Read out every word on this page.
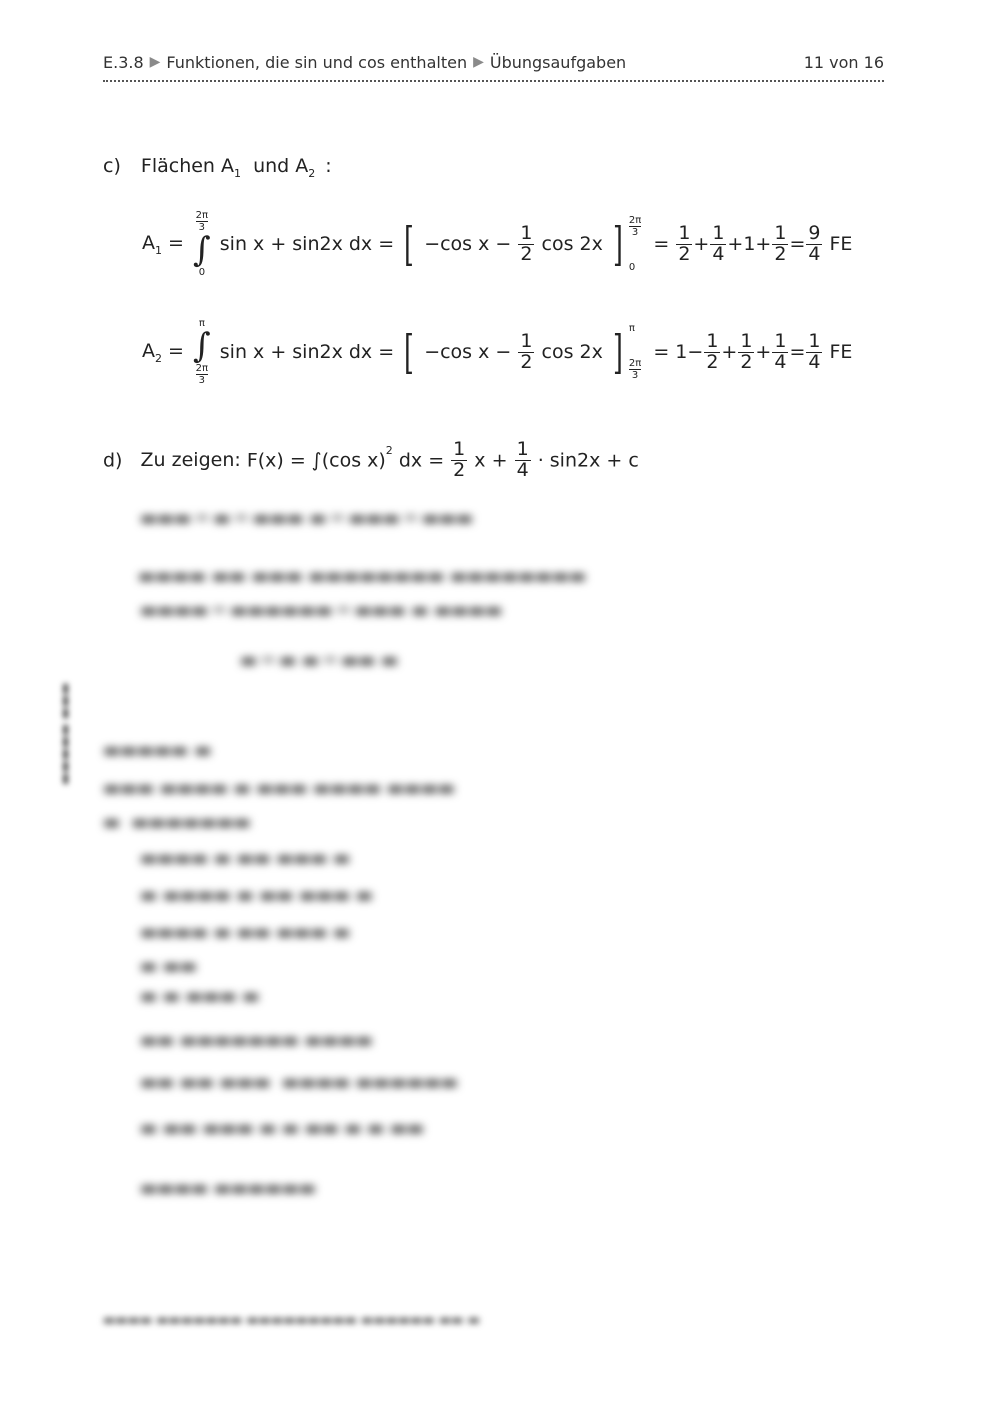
E.3.8 ▶ Funktionen, die sin und cos enthalten ▶ Übungsaufgaben	11 von 16
c) Flächen $A_1$ und $A_2$ :
$A_1$ =
2π
3
∫
0
sin x + sin2x dx = [ −cos $x - \frac{1}{2}$ cos 2x ] 2π
3
0
= $\frac{1}{2} + \frac{1}{4} +1+ \frac{1}{2} = \frac{9}{4}$ FE
$A_2$ =
π
∫
2π
3
sin x + sin2x dx = [ −cos $x - \frac{1}{2}$ cos 2x ] π
2π
3
= $1- \frac{1}{2} + \frac{1}{2} + \frac{1}{4} = \frac{1}{4}$ FE
d) Zu zeigen: F(x) = ∫(cos x)$^2$ dx = $\frac{1}{2}$ $x + \frac{1}{4} \cdot \sin 2x + c$
▬▬▬ ═ ▬ ═ ▬▬▬ ▬ ═ ▬▬▬ ═ ▬▬▬
▬▬▬▬ ▬▬ ▬▬▬ ▬▬▬▬▬▬▬▬ ▬▬▬▬▬▬▬▬
▬▬▬▬ ═ ▬▬▬▬▬▬ ═ ▬▬▬ ▬ ▬▬▬▬
▬ ═ ▬ ▬ ═ ▬▬ ▬
▬▬▬▬▬ ▬
▬▬▬ ▬▬▬▬ ▬ ▬▬▬ ▬▬▬▬ ▬▬▬▬
▬  ▬▬▬▬▬▬▬
▬▬▬▬ ▬ ▬▬ ▬▬▬ ▬
▬ ▬▬▬▬ ▬ ▬▬ ▬▬▬ ▬
▬▬▬▬ ▬ ▬▬ ▬▬▬ ▬
▬ ▬▬
▬ ▬ ▬▬▬ ▬
▬▬ ▬▬▬▬▬▬▬ ▬▬▬▬
▬▬ ▬▬ ▬▬▬  ▬▬▬▬ ▬▬▬▬▬▬
▬ ▬▬ ▬▬▬ ▬ ▬ ▬▬ ▬ ▬ ▬▬
▬▬▬▬ ▬▬▬▬▬▬
▬▬▬▬▬ ▬▬▬
▬▬▬▬ ▬▬▬▬▬▬▬ ▬▬▬▬▬▬▬▬▬ ▬▬▬▬▬▬ ▬▬ ▬
